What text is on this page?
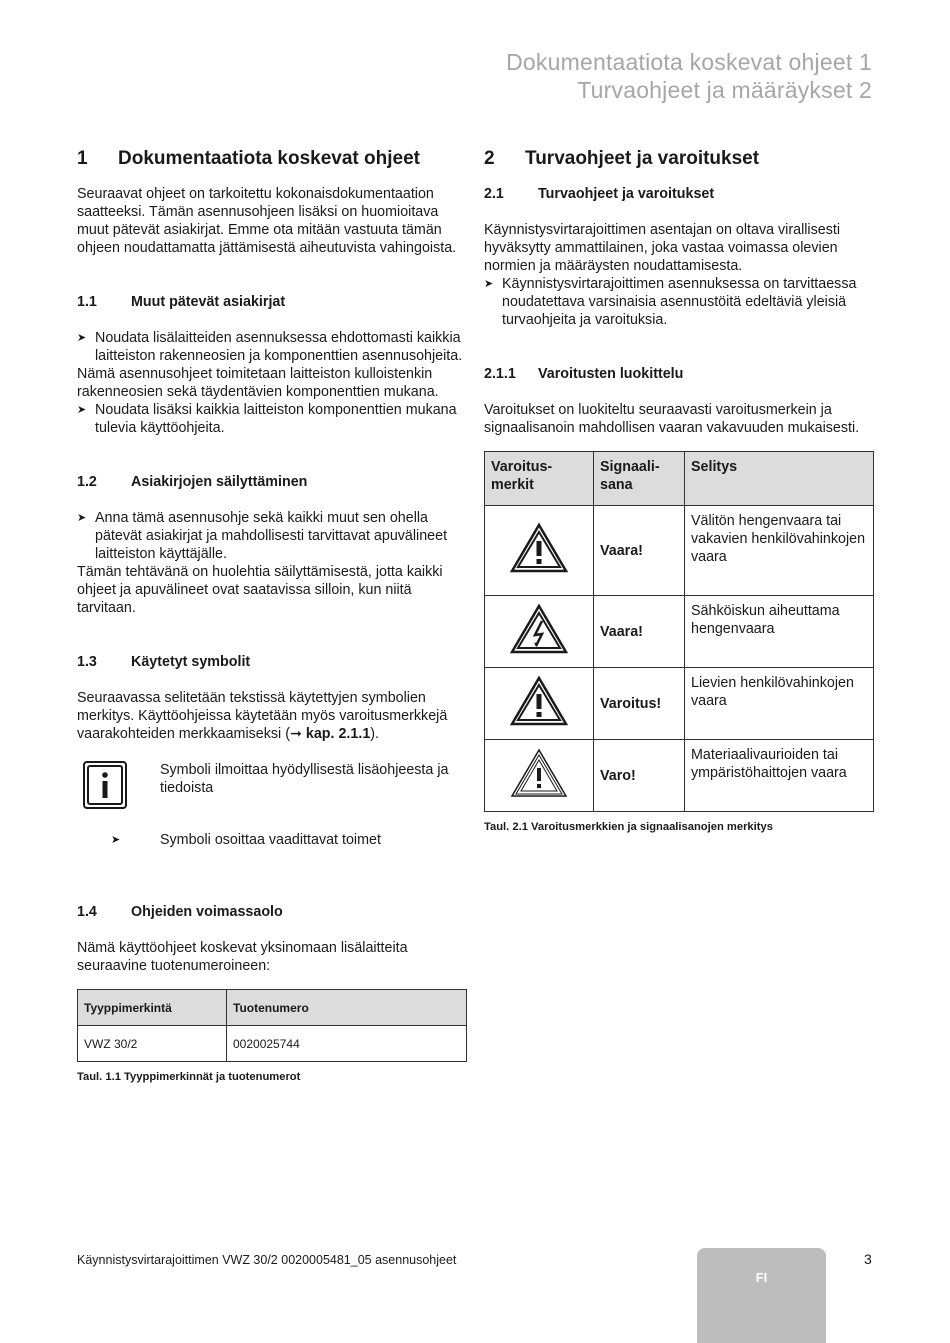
Dokumentaatiota koskevat ohjeet 1
Turvaohjeet ja määräykset 2
1 Dokumentaatiota koskevat ohjeet

Seuraavat ohjeet on tarkoitettu kokonaisdokumentaation saatteeksi. Tämän asennusohjeen lisäksi on huomioitava muut pätevät asiakirjat. Emme ota mitään vastuuta tämän ohjeen noudattamatta jättämisestä aiheutuvista vahingoista.

1.1 Muut pätevät asiakirjat
➤ Noudata lisälaitteiden asennuksessa ehdottomasti kaikkia laitteiston rakenneosien ja komponenttien asennusohjeita.

Nämä asennusohjeet toimitetaan laitteiston kulloistenkin rakenneosien sekä täydentävien komponenttien mukana.

➤ Noudata lisäksi kaikkia laitteiston komponenttien mukana tulevia käyttöohjeita.
1.2 Asiakirjojen säilyttäminen
➤ Anna tämä asennusohje sekä kaikki muut sen ohella pätevät asiakirjat ja mahdollisesti tarvittavat apuvälineet laitteiston käyttäjälle.

Tämän tehtävänä on huolehtia säilyttämisestä, jotta kaikki ohjeet ja apuvälineet ovat saatavissa silloin, kun niitä tarvitaan.

1.3 Käytetyt symbolit

Seuraavassa selitetään tekstissä käytettyjen symbolien merkitys. Käyttöohjeissa käytetään myös varoitusmerkkejä vaarakohteiden merkkaamiseksi (➞ kap. 2.1.1).

Symboli ilmoittaa hyödyllisestä lisäohjeesta ja tiedoista
➤	Symboli osoittaa vaadittavat toimet
1.4 Ohjeiden voimassaolo

Nämä käyttöohjeet koskevat yksinomaan lisälaitteita seuraavine tuotenumeroineen:

Tyyppimerkintä	Tuotenumero
VWZ 30/2	0020025744

Taul. 1.1 Tyyppimerkinnät ja tuotenumerot

2 Turvaohjeet ja varoitukset
2.1 Turvaohjeet ja varoitukset

Käynnistysvirtarajoittimen asentajan on oltava virallisesti hyväksytty ammattilainen, joka vastaa voimassa olevien normien ja määräysten noudattamisesta.

➤ Käynnistysvirtarajoittimen asennuksessa on tarvittaessa noudatettava varsinaisia asennustöitä edeltäviä yleisiä turvaohjeita ja varoituksia.
2.1.1 Varoitusten luokittelu

Varoitukset on luokiteltu seuraavasti varoitusmerkein ja signaalisanoin mahdollisen vaaran vakavuuden mukaisesti.

Varoitus-merkit	Signaali-sana	Selitys
	Vaara!	Välitön hengenvaara tai vakavien henkilövahinkojen vaara
	Vaara!	Sähköiskun aiheuttama hengenvaara
	Varoitus!	Lievien henkilövahinkojen vaara
	Varo!	Materiaalivaurioiden tai ympäristöhaittojen vaara

Taul. 2.1 Varoitusmerkkien ja signaalisanojen merkitys

Käynnistysvirtarajoittimen VWZ 30/2 0020005481_05 asennusohjeet
FI
3
